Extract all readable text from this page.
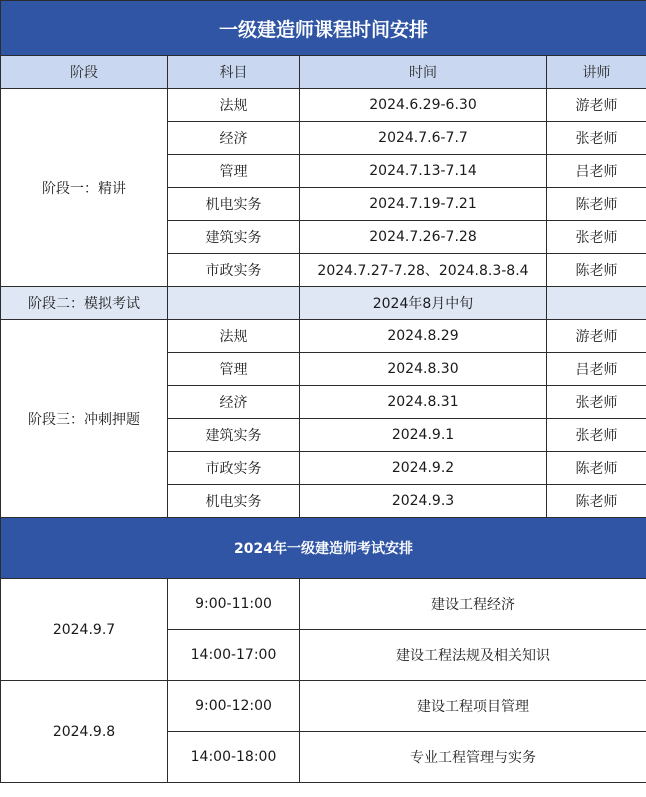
一级建造师课程时间安排			
阶段	科目	时间	讲师
阶段一：精讲	法规	2024.6.29-6.30	游老师
	经济	2024.7.6-7.7	张老师
	管理	2024.7.13-7.14	吕老师
	机电实务	2024.7.19-7.21	陈老师
	建筑实务	2024.7.26-7.28	张老师
	市政实务	2024.7.27-7.28、2024.8.3-8.4	陈老师
阶段二：模拟考试		2024年8月中旬	
阶段三：冲刺押题	法规	2024.8.29	游老师
	管理	2024.8.30	吕老师
	经济	2024.8.31	张老师
	建筑实务	2024.9.1	张老师
	市政实务	2024.9.2	陈老师
	机电实务	2024.9.3	陈老师
2024年一级建造师考试安排		
2024.9.7	9:00-11:00	建设工程经济
	14:00-17:00	建设工程法规及相关知识
2024.9.8	9:00-12:00	建设工程项目管理
	14:00-18:00	专业工程管理与实务
